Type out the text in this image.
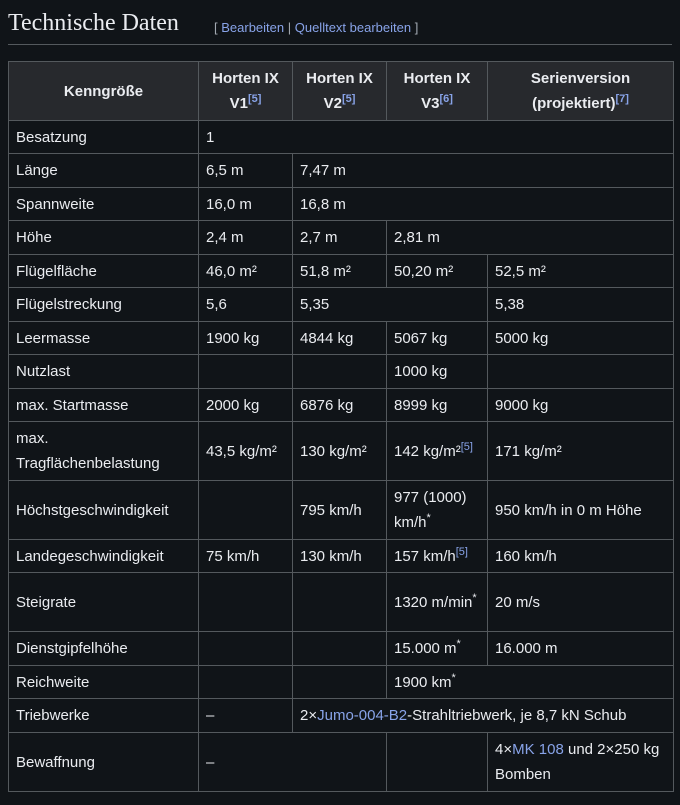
Technische Daten	[ Bearbeiten | Quelltext bearbeiten ]
Kenngröße	Horten IX V1[5]	Horten IX V2[5]	Horten IX V3[6]	Serienversion (projektiert)[7]
Besatzung	1			
Länge	6,5 m	7,47 m		
Spannweite	16,0 m	16,8 m		
Höhe	2,4 m	2,7 m	2,81 m	
Flügelfläche	46,0 m²	51,8 m²	50,20 m²	52,5 m²
Flügelstreckung	5,6	5,35		5,38
Leermasse	1900 kg	4844 kg	5067 kg	5000 kg
Nutzlast			1000 kg	
max. Startmasse	2000 kg	6876 kg	8999 kg	9000 kg
max. Tragflächenbelastung	43,5 kg/m²	130 kg/m²	142 kg/m²[5]	171 kg/m²
Höchstgeschwindigkeit		795 km/h	977 (1000) km/h*	950 km/h in 0 m Höhe
Landegeschwindigkeit	75 km/h	130 km/h	157 km/h[5]	160 km/h
Steigrate			1320 m/min*	20 m/s
Dienstgipfelhöhe			15.000 m*	16.000 m
Reichweite			1900 km*
Triebwerke	–	2×Jumo-004-B2-Strahltriebwerk, je 8,7 kN Schub		
Bewaffnung	–			4×MK 108 und 2×250 kg Bomben
